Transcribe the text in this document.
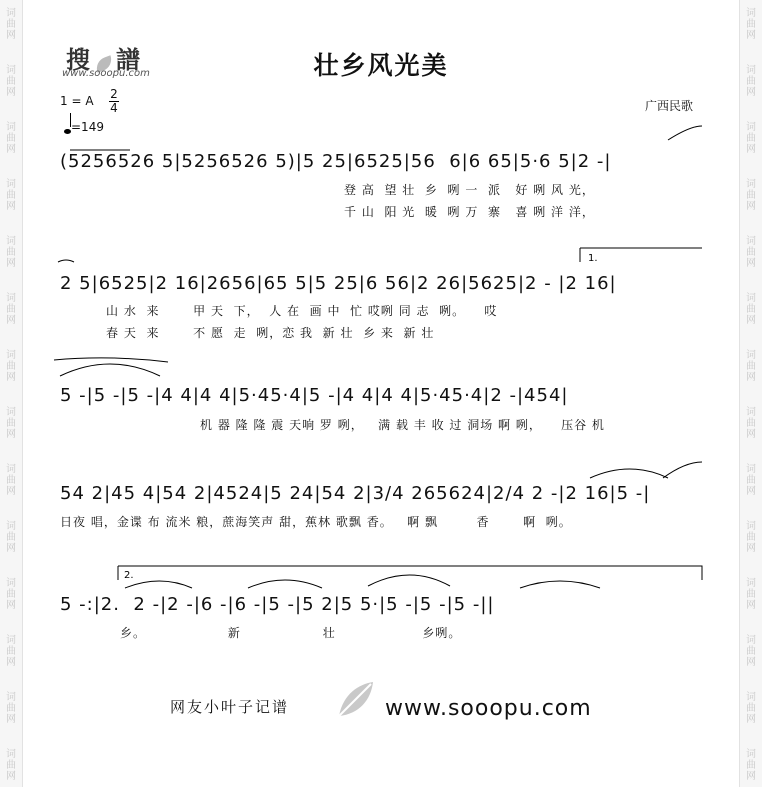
词
曲
网
词
曲
网
词
曲
网
词
曲
网
词
曲
网
词
曲
网
词
曲
网
词
曲
网
词
曲
网
词
曲
网
词
曲
网
词
曲
网
词
曲
网
词
曲
网
词
曲
网
词
曲
网
词
曲
网
词
曲
网
词
曲
网
词
曲
网
词
曲
网
词
曲
网
词
曲
网
词
曲
网
词
曲
网
词
曲
网
词
曲
网
词
曲
网
搜 譜
www.sooopu.com	壮乡风光美
1 = A 2
4
=149
广西民歌
(5256526 5|5256526 5)|5 25|6525|56  6|6 65|5·6 5|2 -|
登 高  望 壮  乡  咧 一  派   好 咧 风 光，
千 山  阳 光  暖  咧 万  寨   喜 咧 洋 洋，
2 5|6525|2 16|2656|65 5|5 25|6 56|2 26|5625|2 - |2 16|
山 水  来       甲 天  下，  人 在  画 中  忙 哎咧 同 志  咧。    哎
春 天  来       不 愿  走  咧，恋 我  新 壮  乡 来  新 壮
5 -|5 -|5 -|4 4|4 4|5·45·4|5 -|4 4|4 4|5·45·4|2 -|454|
机 器 隆 隆 震 天响 罗 咧，   满 载 丰 收 过 洞场 啊 咧，    压谷 机
54 2|45 4|54 2|4524|5 24|54 2|3/4 265624|2/4 2 -|2 16|5 -|
日夜 唱，金谍 布 流米 粮，蔗海笑声 甜，蕉林 歌飘 香。   啊 飘        香       啊  咧。
5 -:|2.  2 -|2 -|6 -|6 -|5 -|5 2|5 5·|5 -|5 -|5 -||
乡。                 新                 壮                  乡咧。
1.
2.
网友小叶子记谱	www.sooopu.com
